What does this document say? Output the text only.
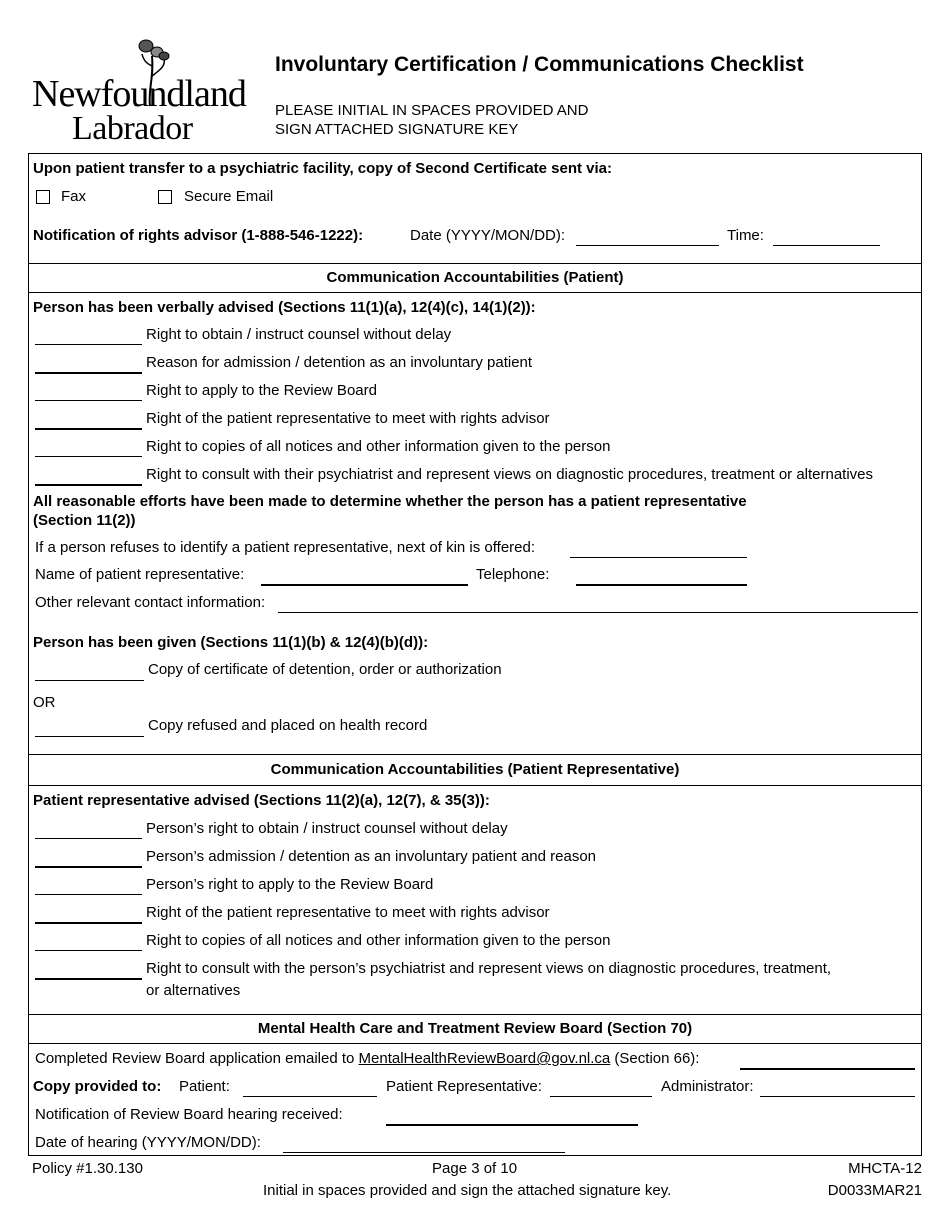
Newfoundland
Labrador
Involuntary Certification / Communications Checklist
PLEASE INITIAL IN SPACES PROVIDED AND
SIGN ATTACHED SIGNATURE KEY
Upon patient transfer to a psychiatric facility, copy of Second Certificate sent via:
Fax	Secure Email
Notification of rights advisor (1-888-546-1222):	Date (YYYY/MON/DD):	Time:
Communication Accountabilities (Patient)
Person has been verbally advised (Sections 11(1)(a), 12(4)(c), 14(1)(2)):
Right to obtain / instruct counsel without delay
Reason for admission / detention as an involuntary patient
Right to apply to the Review Board
Right of the patient representative to meet with rights advisor
Right to copies of all notices and other information given to the person
Right to consult with their psychiatrist and represent views on diagnostic procedures, treatment or alternatives
All reasonable efforts have been made to determine whether the person has a patient representative
(Section 11(2))
If a person refuses to identify a patient representative, next of kin is offered:
Name of patient representative:	Telephone:
Other relevant contact information:
Person has been given (Sections 11(1)(b) & 12(4)(b)(d)):
Copy of certificate of detention, order or authorization
OR
Copy refused and placed on health record
Communication Accountabilities (Patient Representative)
Patient representative advised (Sections 11(2)(a), 12(7), & 35(3)):
Person’s right to obtain / instruct counsel without delay
Person’s admission / detention as an involuntary patient and reason
Person’s right to apply to the Review Board
Right of the patient representative to meet with rights advisor
Right to copies of all notices and other information given to the person
Right to consult with the person’s psychiatrist and represent views on diagnostic procedures, treatment,
or alternatives
Mental Health Care and Treatment Review Board (Section 70)
Completed Review Board application emailed to MentalHealthReviewBoard@gov.nl.ca (Section 66):
Copy provided to: Patient:	Patient Representative:	Administrator:
Notification of Review Board hearing received:
Date of hearing (YYYY/MON/DD):
Policy #1.30.130	Page 3 of 10	MHCTA-12
Initial in spaces provided and sign the attached signature key.	D0033MAR21
